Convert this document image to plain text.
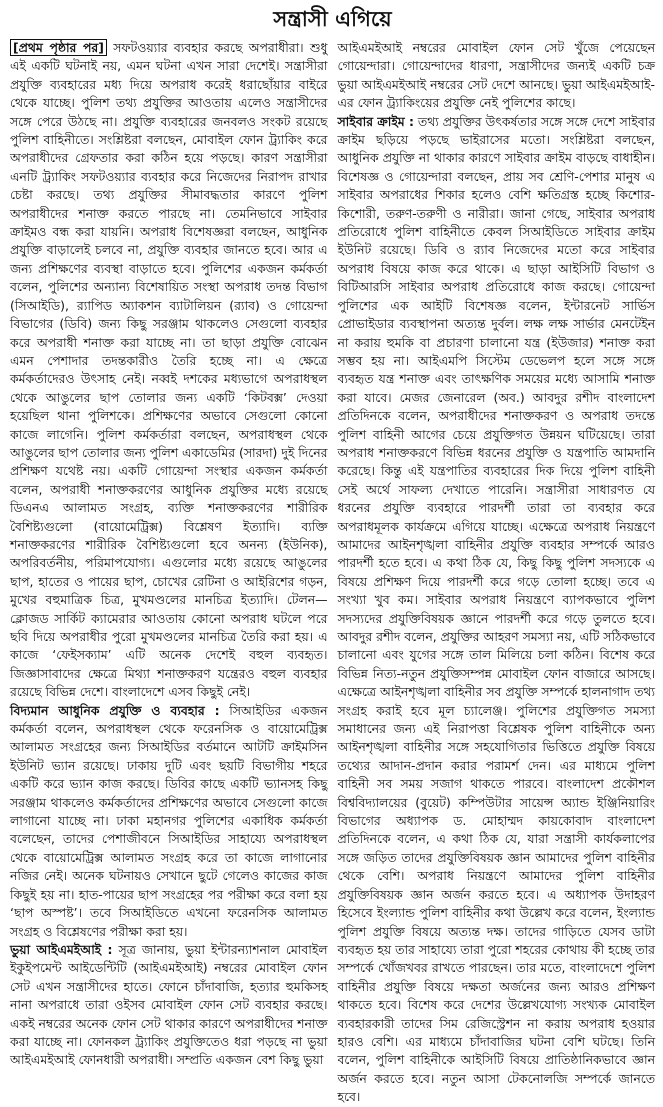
সন্ত্রাসী এগিয়ে

[প্রথম পৃষ্ঠার পর] সফটওয়্যার ব্যবহার করছে অপরাধীরা। শুধু এই একটি ঘটনাই নয়, এমন ঘটনা এখন সারা দেশেই। সন্ত্রাসীরা প্রযুক্তি ব্যবহারের মধ্য দিয়ে অপরাধ করেই ধরাছোঁয়ার বাইরে থেকে যাচ্ছে। পুলিশ তথ্য প্রযুক্তির আওতায় এলেও সন্ত্রাসীদের সঙ্গে পেরে উঠছে না। প্রযুক্তি ব্যবহারের জনবলও সংকট রয়েছে পুলিশ বাহিনীতে। সংশ্লিষ্টরা বলছেন, মোবাইল ফোন ট্র্যাকিং করে অপরাধীদের গ্রেফতার করা কঠিন হয়ে পড়ছে। কারণ সন্ত্রাসীরা এনটি ট্র্যাকিং সফটওয়্যার ব্যবহার করে নিজেদের নিরাপদ রাখার চেষ্টা করছে। তথ্য প্রযুক্তির সীমাবদ্ধতার কারণে পুলিশ অপরাধীদের শনাক্ত করতে পারছে না। তেমনিভাবে সাইবার ক্রাইমও বন্ধ করা যায়নি। অপরাধ বিশেষজ্ঞরা বলছেন, আধুনিক প্রযুক্তি বাড়ালেই চলবে না, প্রযুক্তি ব্যবহার জানতে হবে। আর এ জন্য প্রশিক্ষণের ব্যবস্থা বাড়াতে হবে। পুলিশের একজন কর্মকর্তা বলেন, পুলিশের অন্যান্য বিশেষায়িত সংস্থা অপরাধ তদন্ত বিভাগ (সিআইডি), র‌্যাপিড অ্যাকশন ব্যাটালিয়ন (র‌্যাব) ও গোয়েন্দা বিভাগের (ডিবি) জন্য কিছু সরঞ্জাম থাকলেও সেগুলো ব্যবহার করে অপরাধী শনাক্ত করা যাচ্ছে না। তা ছাড়া প্রযুক্তি বোঝেন এমন পেশাদার তদন্তকারীও তৈরি হচ্ছে না। এ ক্ষেত্রে কর্মকর্তাদেরও উৎসাহ নেই। নব্বই দশকের মধ্যভাগে অপরাধস্থল থেকে আঙুলের ছাপ তোলার জন্য একটি ‘কিটবক্স’ দেওয়া হয়েছিল থানা পুলিশকে। প্রশিক্ষণের অভাবে সেগুলো কোনো কাজে লাগেনি। পুলিশ কর্মকর্তারা বলছেন, অপরাধস্থল থেকে আঙুলের ছাপ তোলার জন্য পুলিশ একাডেমির (সারদা) দুই দিনের প্রশিক্ষণ যথেষ্ট নয়। একটি গোয়েন্দা সংস্থার একজন কর্মকর্তা বলেন, অপরাধী শনাক্তকরণের আধুনিক প্রযুক্তির মধ্যে রয়েছে ডিএনএ আলামত সংগ্রহ, ব্যক্তি শনাক্তকরণের শারীরিক বৈশিষ্ট্যগুলো (বায়োমেট্রিক্স) বিশ্লেষণ ইত্যাদি। ব্যক্তি শনাক্তকরণের শারীরিক বৈশিষ্ট্যগুলো হবে অনন্য (ইউনিক), অপরিবর্তনীয়, পরিমাপযোগ্য। এগুলোর মধ্যে রয়েছে আঙুলের ছাপ, হাতের ও পায়ের ছাপ, চোখের রেটিনা ও আইরিশের গড়ন, মুখের বহুমাত্রিক চিত্র, মুখমণ্ডলের মানচিত্র ইত্যাদি। টেলন—ক্লোজড সার্কিট ক্যামেরার আওতায় কোনো অপরাধ ঘটলে পরে ছবি দিয়ে অপরাধীর পুরো মুখমণ্ডলের মানচিত্র তৈরি করা হয়। এ কাজে ‘ফেইসক্যাম’ এটি অনেক দেশেই বহুল ব্যবহৃত। জিজ্ঞাসাবাদের ক্ষেত্রে মিথ্যা শনাক্তকরণ যন্ত্রেরও বহুল ব্যবহার রয়েছে বিভিন্ন দেশে। বাংলাদেশে এসব কিছুই নেই।

বিদ্যমান আধুনিক প্রযুক্তি ও ব্যবহার : সিআইডির একজন কর্মকর্তা বলেন, অপরাধস্থল থেকে ফরেনসিক ও বায়োমেট্রিক্স আলামত সংগ্রহের জন্য সিআইডির বর্তমানে আটটি ক্রাইমসিন ইউনিট ভ্যান রয়েছে। ঢাকায় দুটি এবং ছয়টি বিভাগীয় শহরে একটি করে ভ্যান কাজ করছে। ডিবির কাছে একটি ভ্যানসহ কিছু সরঞ্জাম থাকলেও কর্মকর্তাদের প্রশিক্ষণের অভাবে সেগুলো কাজে লাগানো যাচ্ছে না। ঢাকা মহানগর পুলিশের একাধিক কর্মকর্তা বলেছেন, তাদের পেশাজীবনে সিআইডির সাহায্যে অপরাধস্থল থেকে বায়োমেট্রিক্স আলামত সংগ্রহ করে তা কাজে লাগানোর নজির নেই। অনেক ঘটনায়ও সেখানে ছুটে গেলেও কাজের কাজ কিছুই হয় না। হাত-পায়ের ছাপ সংগ্রহের পর পরীক্ষা করে বলা হয় ‘ছাপ অস্পষ্ট’। তবে সিআইডিতে এখনো ফরেনসিক আলামত সংগ্রহ ও বিশ্লেষণের পরীক্ষা করা হয়।

ভুয়া আইএমইআই : সূত্র জানায়, ভুয়া ইন্টারন্যাশনাল মোবাইল ইকুইপমেন্ট আইডেন্টিটি (আইএমইআই) নম্বরের মোবাইল ফোন সেট এখন সন্ত্রাসীদের হাতে। ফোনে চাঁদাবাজি, হত্যার হুমকিসহ নানা অপরাধে তারা ওইসব মোবাইল ফোন সেট ব্যবহার করছে। একই নম্বরের অনেক ফোন সেট থাকার কারণে অপরাধীদের শনাক্ত করা যাচ্ছে না। ফোনকল ট্র্যাকিং প্রযুক্তিতেও ধরা পড়ছে না ভুয়া আইএমইআই ফোনধারী অপরাধী। সম্প্রতি একজন বেশ কিছু ভুয়া

আইএমইআই নম্বরের মোবাইল ফোন সেট খুঁজে পেয়েছেন গোয়েন্দারা। গোয়েন্দাদের ধারণা, সন্ত্রাসীদের জন্যই একটি চক্র ভুয়া আইএমইআই নম্বরের সেট দেশে আনছে। ভুয়া আইএমইআই-এর ফোন ট্র্যাকিংয়ের প্রযুক্তি নেই পুলিশের কাছে।

সাইবার ক্রাইম : তথ্য প্রযুক্তির উৎকর্ষতার সঙ্গে সঙ্গে দেশে সাইবার ক্রাইম ছড়িয়ে পড়ছে ভাইরাসের মতো। সংশ্লিষ্টরা বলছেন, আধুনিক প্রযুক্তি না থাকার কারণে সাইবার ক্রাইম বাড়ছে বাধাহীন। বিশেষজ্ঞ ও গোয়েন্দারা বলছেন, প্রায় সব শ্রেণি-পেশার মানুষ এ সাইবার অপরাধের শিকার হলেও বেশি ক্ষতিগ্রস্ত হচ্ছে কিশোর-কিশোরী, তরুণ-তরুণী ও নারীরা। জানা গেছে, সাইবার অপরাধ প্রতিরোধে পুলিশ বাহিনীতে কেবল সিআইডিতে সাইবার ক্রাইম ইউনিট রয়েছে। ডিবি ও র‌্যাব নিজেদের মতো করে সাইবার অপরাধ বিষয়ে কাজ করে থাকে। এ ছাড়া আইসিটি বিভাগ ও বিটিআরসি সাইবার অপরাধ প্রতিরোধে কাজ করছে। গোয়েন্দা পুলিশের এক আইটি বিশেষজ্ঞ বলেন, ইন্টারনেট সার্ভিস প্রোভাইডার ব্যবস্থাপনা অত্যন্ত দুর্বল। লক্ষ লক্ষ সার্ভার মেনটেইন না করায় হুমকি বা প্রচারণা চালানো যন্ত্র (ইউজার) শনাক্ত করা সম্ভব হয় না। আইএমপি সিস্টেম ডেভেলপ হলে সঙ্গে সঙ্গে ব্যবহৃত যন্ত্র শনাক্ত এবং তাৎক্ষণিক সময়ের মধ্যে আসামি শনাক্ত করা যাবে। মেজর জেনারেল (অব.) আবদুর রশীদ বাংলাদেশ প্রতিদিনকে বলেন, অপরাধীদের শনাক্তকরণ ও অপরাধ তদন্তে পুলিশ বাহিনী আগের চেয়ে প্রযুক্তিগত উন্নয়ন ঘটিয়েছে। তারা অপরাধ শনাক্তকরণে বিভিন্ন ধরনের প্রযুক্তি ও যন্ত্রপাতি আমদানি করেছে। কিন্তু এই যন্ত্রপাতির ব্যবহারের দিক দিয়ে পুলিশ বাহিনী সেই অর্থে সাফল্য দেখাতে পারেনি। সন্ত্রাসীরা সাধারণত যে ধরনের প্রযুক্তি ব্যবহারে পারদর্শী তারা তা ব্যবহার করে অপরাধমূলক কার্যক্রমে এগিয়ে যাচ্ছে। এক্ষেত্রে অপরাধ নিয়ন্ত্রণে আমাদের আইনশৃঙ্খলা বাহিনীর প্রযুক্তি ব্যবহার সম্পর্কে আরও পারদর্শী হতে হবে। এ কথা ঠিক যে, কিছু কিছু পুলিশ সদস্যকে এ বিষয়ে প্রশিক্ষণ দিয়ে পারদর্শী করে গড়ে তোলা হচ্ছে। তবে এ সংখ্যা খুব কম। সাইবার অপরাধ নিয়ন্ত্রণে ব্যাপকভাবে পুলিশ সদস্যদের প্রযুক্তিবিষয়ক জ্ঞানে পারদর্শী করে গড়ে তুলতে হবে। আবদুর রশীদ বলেন, প্রযুক্তির আহরণ সমস্যা নয়, এটি সঠিকভাবে চালানো এবং যুগের সঙ্গে তাল মিলিয়ে চলা কঠিন। বিশেষ করে বিভিন্ন নিত্য-নতুন প্রযুক্তিসম্পন্ন মোবাইল ফোন বাজারে আসছে। এক্ষেত্রে আইনশৃঙ্খলা বাহিনীর সব প্রযুক্তি সম্পর্কে হালনাগাদ তথ্য সংগ্রহ করাই হবে মূল চ্যালেঞ্জ। পুলিশের প্রযুক্তিগত সমস্যা সমাধানের জন্য এই নিরাপত্তা বিশ্লেষক পুলিশ বাহিনীকে অন্য আইনশৃঙ্খলা বাহিনীর সঙ্গে সহযোগিতার ভিত্তিতে প্রযুক্তি বিষয়ে তথ্যের আদান-প্রদান করার পরামর্শ দেন। এর মাধ্যমে পুলিশ বাহিনী সব সময় সজাগ থাকতে পারবে। বাংলাদেশ প্রকৌশল বিশ্ববিদ্যালয়ের (বুয়েট) কম্পিউটার সায়েন্স অ্যান্ড ইঞ্জিনিয়ারিং বিভাগের অধ্যাপক ড. মোহাম্মদ কায়কোবাদ বাংলাদেশ প্রতিদিনকে বলেন, এ কথা ঠিক যে, যারা সন্ত্রাসী কার্যকলাপের সঙ্গে জড়িত তাদের প্রযুক্তিবিষয়ক জ্ঞান আমাদের পুলিশ বাহিনীর থেকে বেশি। অপরাধ নিয়ন্ত্রণে আমাদের পুলিশ বাহিনীর প্রযুক্তিবিষয়ক জ্ঞান অর্জন করতে হবে। এ অধ্যাপক উদাহরণ হিসেবে ইংল্যান্ড পুলিশ বাহিনীর কথা উল্লেখ করে বলেন, ইংল্যান্ড পুলিশ প্রযুক্তি বিষয়ে অত্যন্ত দক্ষ। তাদের গাড়িতে যেসব ডাটা ব্যবহৃত হয় তার সাহায্যে তারা পুরো শহরের কোথায় কী হচ্ছে তার সম্পর্কে খোঁজখবর রাখতে পারছেন। তার মতে, বাংলাদেশে পুলিশ বাহিনীর প্রযুক্তি বিষয়ে দক্ষতা অর্জনের জন্য আরও প্রশিক্ষণ থাকতে হবে। বিশেষ করে দেশের উল্লেখযোগ্য সংখ্যক মোবাইল ব্যবহারকারী তাদের সিম রেজিস্ট্রেশন না করায় অপরাধ হওয়ার হারও বেশি। এর মাধ্যমে চাঁদাবাজির ঘটনা বেশি ঘটছে। তিনি বলেন, পুলিশ বাহিনীকে আইসিটি বিষয়ে প্রাতিষ্ঠানিকভাবে জ্ঞান অর্জন করতে হবে। নতুন আসা টেকনোলজি সম্পর্কে জানতে হবে।
